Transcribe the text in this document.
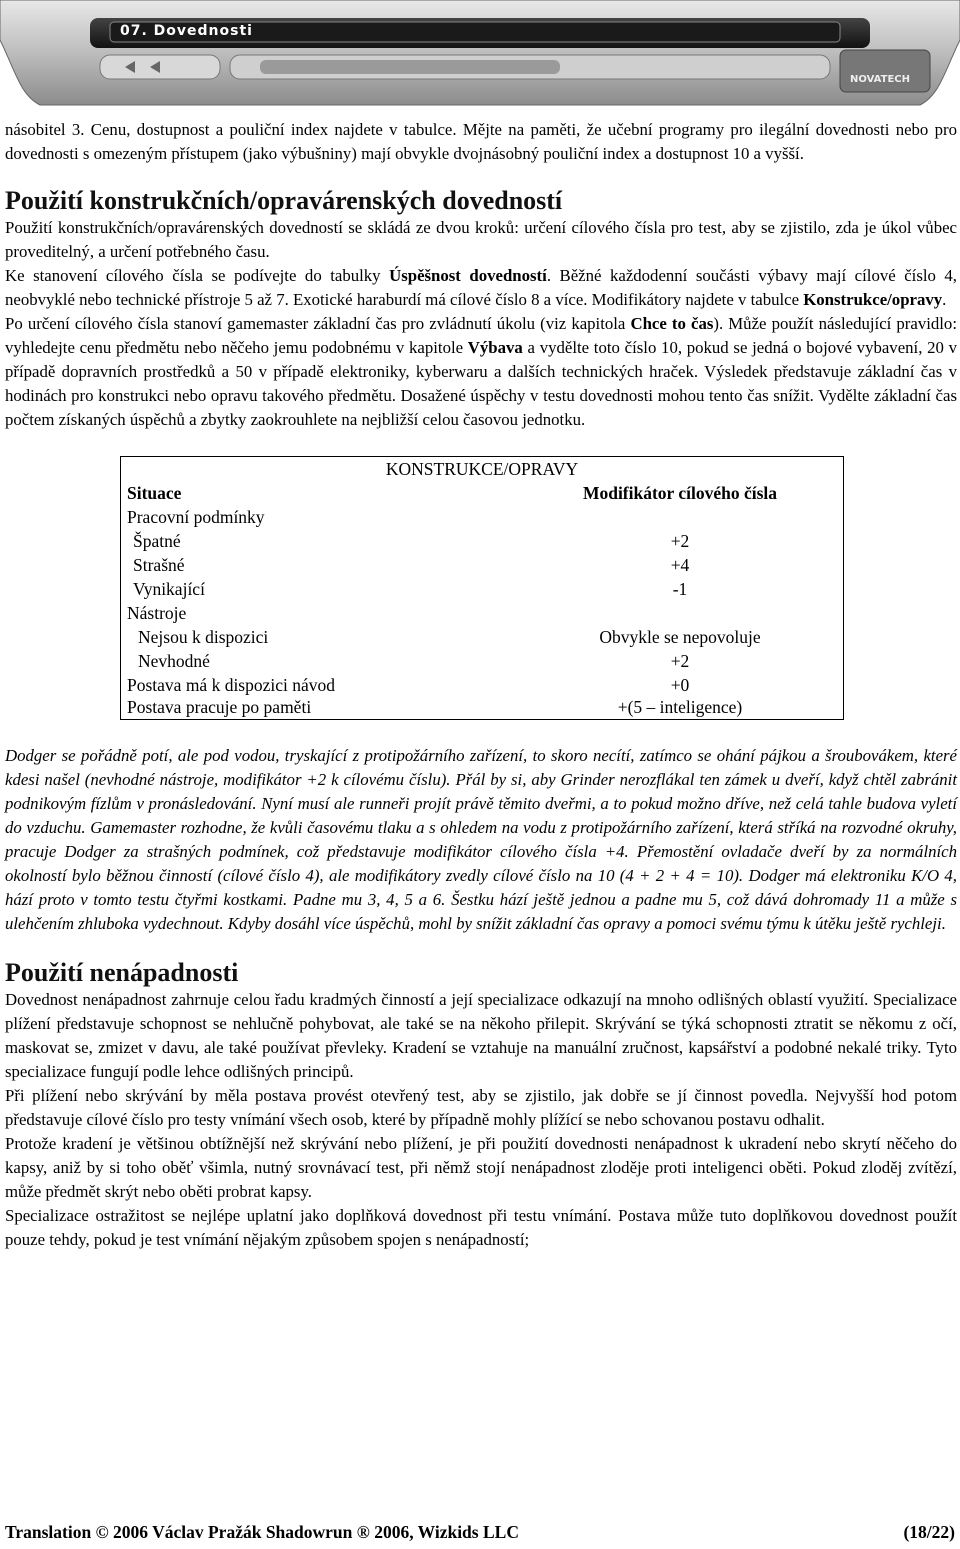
07. Dovednosti
NOVATECH

násobitel 3. Cenu, dostupnost a pouliční index najdete v tabulce. Mějte na paměti, že učební programy pro ilegální dovednosti nebo pro dovednosti s omezeným přístupem (jako výbušniny) mají obvykle dvojnásobný pouliční index a dostupnost 10 a vyšší.

Použití konstrukčních/opravárenských dovedností

Použití konstrukčních/opravárenských dovedností se skládá ze dvou kroků: určení cílového čísla pro test, aby se zjistilo, zda je úkol vůbec proveditelný, a určení potřebného času.

Ke stanovení cílového čísla se podívejte do tabulky Úspěšnost dovedností. Běžné každodenní součásti výbavy mají cílové číslo 4, neobvyklé nebo technické přístroje 5 až 7. Exotické haraburdí má cílové číslo 8 a více. Modifikátory najdete v tabulce Konstrukce/opravy.

Po určení cílového čísla stanoví gamemaster základní čas pro zvládnutí úkolu (viz kapitola Chce to čas). Může použít následující pravidlo: vyhledejte cenu předmětu nebo něčeho jemu podobnému v kapitole Výbava a vydělte toto číslo 10, pokud se jedná o bojové vybavení, 20 v případě dopravních prostředků a 50 v případě elektroniky, kyberwaru a dalších technických hraček. Výsledek představuje základní čas v hodinách pro konstrukci nebo opravu takového předmětu. Dosažené úspěchy v testu dovednosti mohou tento čas snížit. Vydělte základní čas počtem získaných úspěchů a zbytky zaokrouhlete na nejbližší celou časovou jednotku.

KONSTRUKCE/OPRAVY
Situace	Modifikátor cílového čísla
Pracovní podmínky
Špatné	+2
Strašné	+4
Vynikající	-1
Nástroje
Nejsou k dispozici	Obvykle se nepovoluje
Nevhodné	+2
Postava má k dispozici návod	+0
Postava pracuje po paměti	+(5 – inteligence)

Dodger se pořádně potí, ale pod vodou, tryskající z protipožárního zařízení, to skoro necítí, zatímco se ohání pájkou a šroubovákem, které kdesi našel (nevhodné nástroje, modifikátor +2 k cílovému číslu). Přál by si, aby Grinder nerozflákal ten zámek u dveří, když chtěl zabránit podnikovým fízlům v pronásledování. Nyní musí ale runneři projít právě těmito dveřmi, a to pokud možno dříve, než celá tahle budova vyletí do vzduchu. Gamemaster rozhodne, že kvůli časovému tlaku a s ohledem na vodu z protipožárního zařízení, která stříká na rozvodné okruhy, pracuje Dodger za strašných podmínek, což představuje modifikátor cílového čísla +4. Přemostění ovladače dveří by za normálních okolností bylo běžnou činností (cílové číslo 4), ale modifikátory zvedly cílové číslo na 10 (4 + 2 + 4 = 10). Dodger má elektroniku K/O 4, hází proto v tomto testu čtyřmi kostkami. Padne mu 3, 4, 5 a 6. Šestku hází ještě jednou a padne mu 5, což dává dohromady 11 a může s ulehčením zhluboka vydechnout. Kdyby dosáhl více úspěchů, mohl by snížit základní čas opravy a pomoci svému týmu k útěku ještě rychleji.

Použití nenápadnosti

Dovednost nenápadnost zahrnuje celou řadu kradmých činností a její specializace odkazují na mnoho odlišných oblastí využití. Specializace plížení představuje schopnost se nehlučně pohybovat, ale také se na někoho přilepit. Skrývání se týká schopnosti ztratit se někomu z očí, maskovat se, zmizet v davu, ale také používat převleky. Kradení se vztahuje na manuální zručnost, kapsářství a podobné nekalé triky. Tyto specializace fungují podle lehce odlišných principů.

Při plížení nebo skrývání by měla postava provést otevřený test, aby se zjistilo, jak dobře se jí činnost povedla. Nejvyšší hod potom představuje cílové číslo pro testy vnímání všech osob, které by případně mohly plížící se nebo schovanou postavu odhalit.

Protože kradení je většinou obtížnější než skrývání nebo plížení, je při použití dovednosti nenápadnost k ukradení nebo skrytí něčeho do kapsy, aniž by si toho oběť všimla, nutný srovnávací test, při němž stojí nenápadnost zloděje proti inteligenci oběti. Pokud zloděj zvítězí, může předmět skrýt nebo oběti probrat kapsy.

Specializace ostražitost se nejlépe uplatní jako doplňková dovednost při testu vnímání. Postava může tuto doplňkovou dovednost použít pouze tehdy, pokud je test vnímání nějakým způsobem spojen s nenápadností;

Translation © 2006 Václav Pražák Shadowrun ® 2006, Wizkids LLC	(18/22)
